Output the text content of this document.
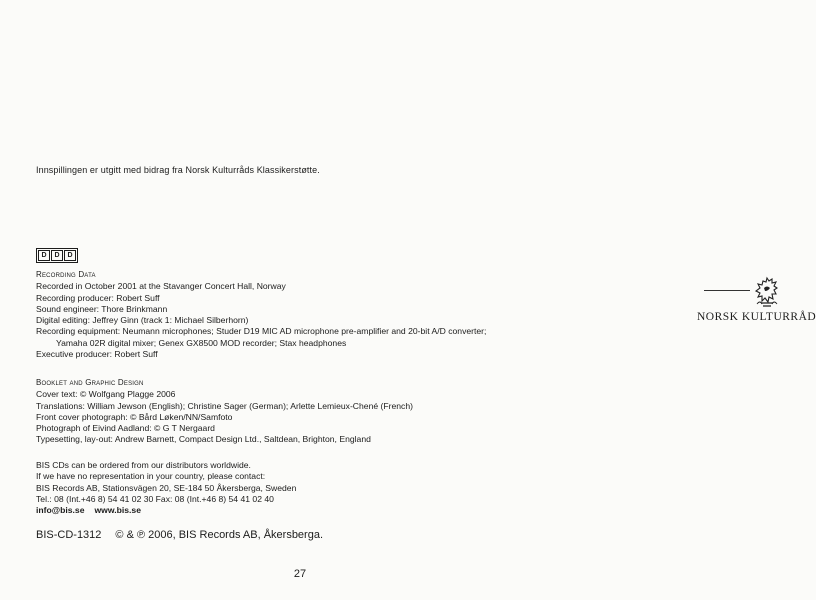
Innspillingen er utgitt med bidrag fra Norsk Kulturråds Klassikerstøtte.
NORSK KULTURRÅD
D	D	D
Recording Data
Recorded in October 2001 at the Stavanger Concert Hall, Norway
Recording producer: Robert Suff
Sound engineer: Thore Brinkmann
Digital editing: Jeffrey Ginn (track 1: Michael Silberhorn)
Recording equipment: Neumann microphones; Studer D19 MIC AD microphone pre-amplifier and 20-bit A/D converter;
Yamaha 02R digital mixer; Genex GX8500 MOD recorder; Stax headphones
Executive producer: Robert Suff
Booklet and Graphic Design
Cover text: © Wolfgang Plagge 2006
Translations: William Jewson (English); Christine Sager (German); Arlette Lemieux-Chené (French)
Front cover photograph: © Bård Løken/NN/Samfoto
Photograph of Eivind Aadland: © G T Nergaard
Typesetting, lay-out: Andrew Barnett, Compact Design Ltd., Saltdean, Brighton, England
BIS CDs can be ordered from our distributors worldwide.
If we have no representation in your country, please contact:
BIS Records AB, Stationsvägen 20, SE-184 50 Åkersberga, Sweden
Tel.: 08 (Int.+46 8) 54 41 02 30 Fax: 08 (Int.+46 8) 54 41 02 40
info@bis.se www.bis.se
BIS-CD-1312 © & ℗ 2006, BIS Records AB, Åkersberga.
27
